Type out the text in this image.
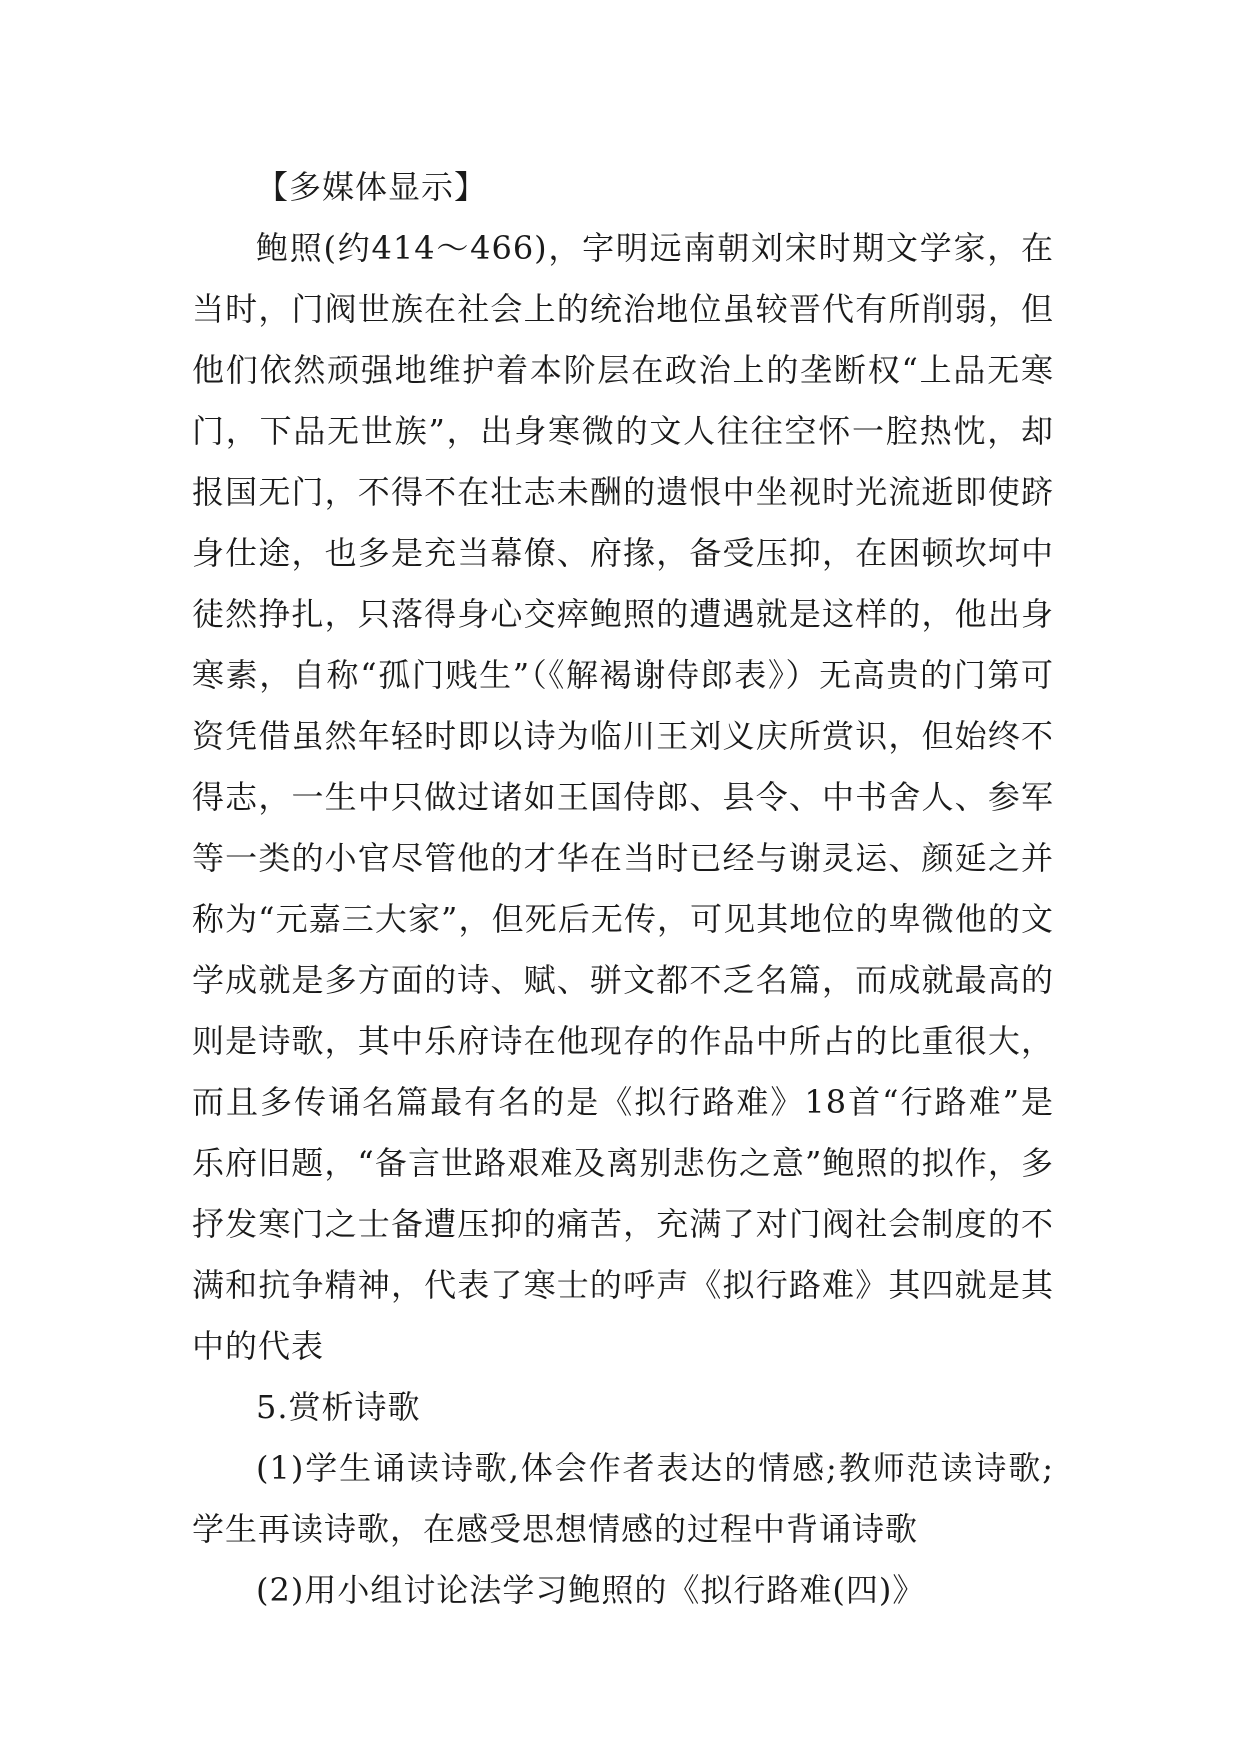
【多媒体显示】

鲍照(约414～466)，字明远南朝刘宋时期文学家，在当时，门阀世族在社会上的统治地位虽较晋代有所削弱，但他们依然顽强地维护着本阶层在政治上的垄断权“上品无寒门，下品无世族”，出身寒微的文人往往空怀一腔热忱，却报国无门，不得不在壮志未酬的遗恨中坐视时光流逝即使跻身仕途，也多是充当幕僚、府掾，备受压抑，在困顿坎坷中徒然挣扎，只落得身心交瘁鲍照的遭遇就是这样的，他出身寒素，自称“孤门贱生”（《解褐谢侍郎表》）无高贵的门第可资凭借虽然年轻时即以诗为临川王刘义庆所赏识，但始终不得志，一生中只做过诸如王国侍郎、县令、中书舍人、参军等一类的小官尽管他的才华在当时已经与谢灵运、颜延之并称为“元嘉三大家”，但死后无传，可见其地位的卑微他的文学成就是多方面的诗、赋、骈文都不乏名篇，而成就最高的则是诗歌，其中乐府诗在他现存的作品中所占的比重很大，而且多传诵名篇最有名的是《拟行路难》18首“行路难”是乐府旧题，“备言世路艰难及离别悲伤之意”鲍照的拟作，多抒发寒门之士备遭压抑的痛苦，充满了对门阀社会制度的不满和抗争精神，代表了寒士的呼声《拟行路难》其四就是其中的代表

5.赏析诗歌

(1)学生诵读诗歌,体会作者表达的情感;教师范读诗歌;学生再读诗歌，在感受思想情感的过程中背诵诗歌

(2)用小组讨论法学习鲍照的《拟行路难(四)》
